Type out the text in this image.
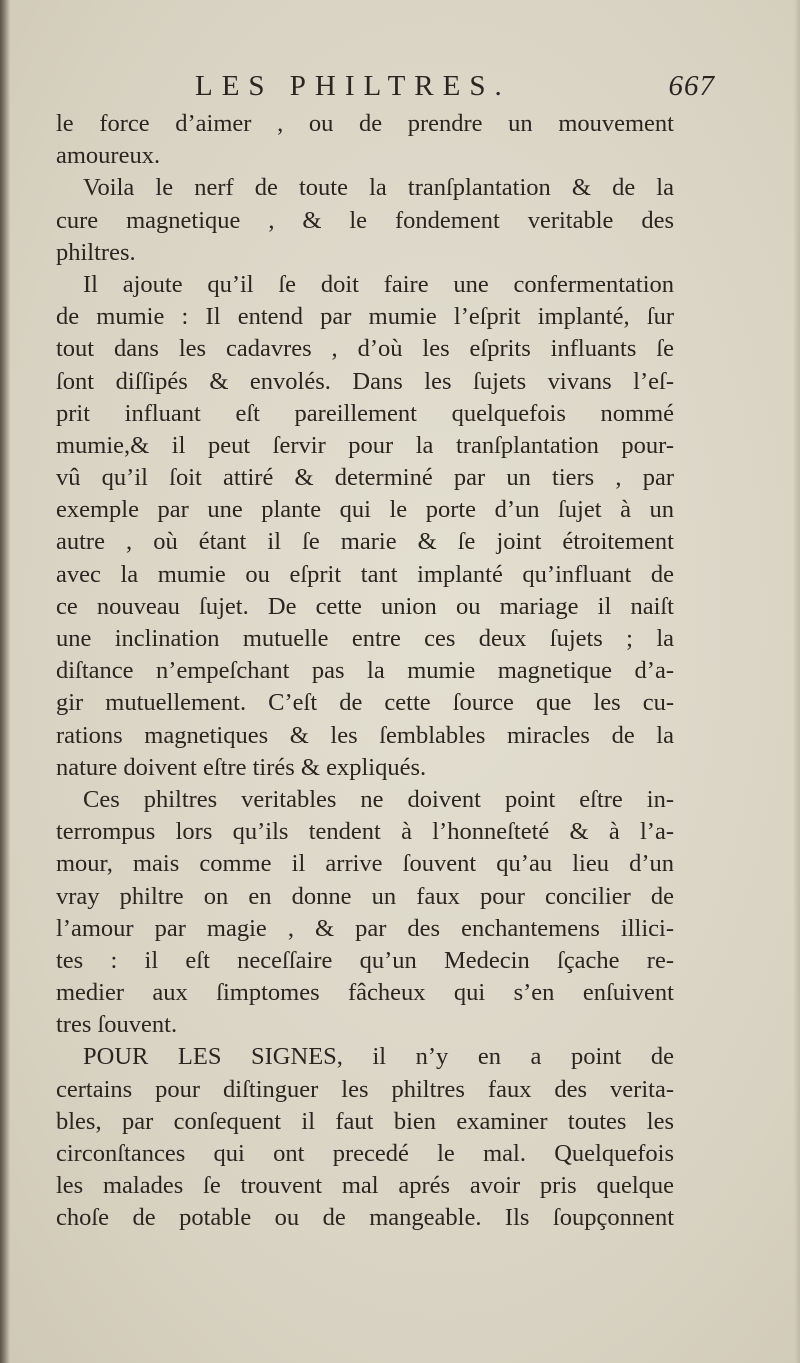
LES PHILTRES.	667
le force d’aimer , ou de prendre un mouvement
amoureux.
Voila le nerf de toute la tranſplantation & de la
cure magnetique , & le fondement veritable des
philtres.
Il ajoute qu’il ſe doit faire une confermentation
de mumie : Il entend par mumie l’eſprit implanté, ſur
tout dans les cadavres , d’où les eſprits influants ſe
ſont diſſipés & envolés. Dans les ſujets vivans l’eſ-
prit influant eſt pareillement quelquefois nommé
mumie,& il peut ſervir pour la tranſplantation pour-
vû qu’il ſoit attiré & determiné par un tiers , par
exemple par une plante qui le porte d’un ſujet à un
autre , où étant il ſe marie & ſe joint étroitement
avec la mumie ou eſprit tant implanté qu’influant de
ce nouveau ſujet. De cette union ou mariage il naiſt
une inclination mutuelle entre ces deux ſujets ; la
diſtance n’empeſchant pas la mumie magnetique d’a-
gir mutuellement. C’eſt de cette ſource que les cu-
rations magnetiques & les ſemblables miracles de la
nature doivent eſtre tirés & expliqués.
Ces philtres veritables ne doivent point eſtre in-
terrompus lors qu’ils tendent à l’honneſteté & à l’a-
mour, mais comme il arrive ſouvent qu’au lieu d’un
vray philtre on en donne un faux pour concilier de
l’amour par magie , & par des enchantemens illici-
tes : il eſt neceſſaire qu’un Medecin ſçache re-
medier aux ſimptomes fâcheux qui s’en enſuivent
tres ſouvent.
POUR LES SIGNES, il n’y en a point de
certains pour diſtinguer les philtres faux des verita-
bles, par conſequent il faut bien examiner toutes les
circonſtances qui ont precedé le mal. Quelquefois
les malades ſe trouvent mal aprés avoir pris quelque
choſe de potable ou de mangeable. Ils ſoupçonnent
